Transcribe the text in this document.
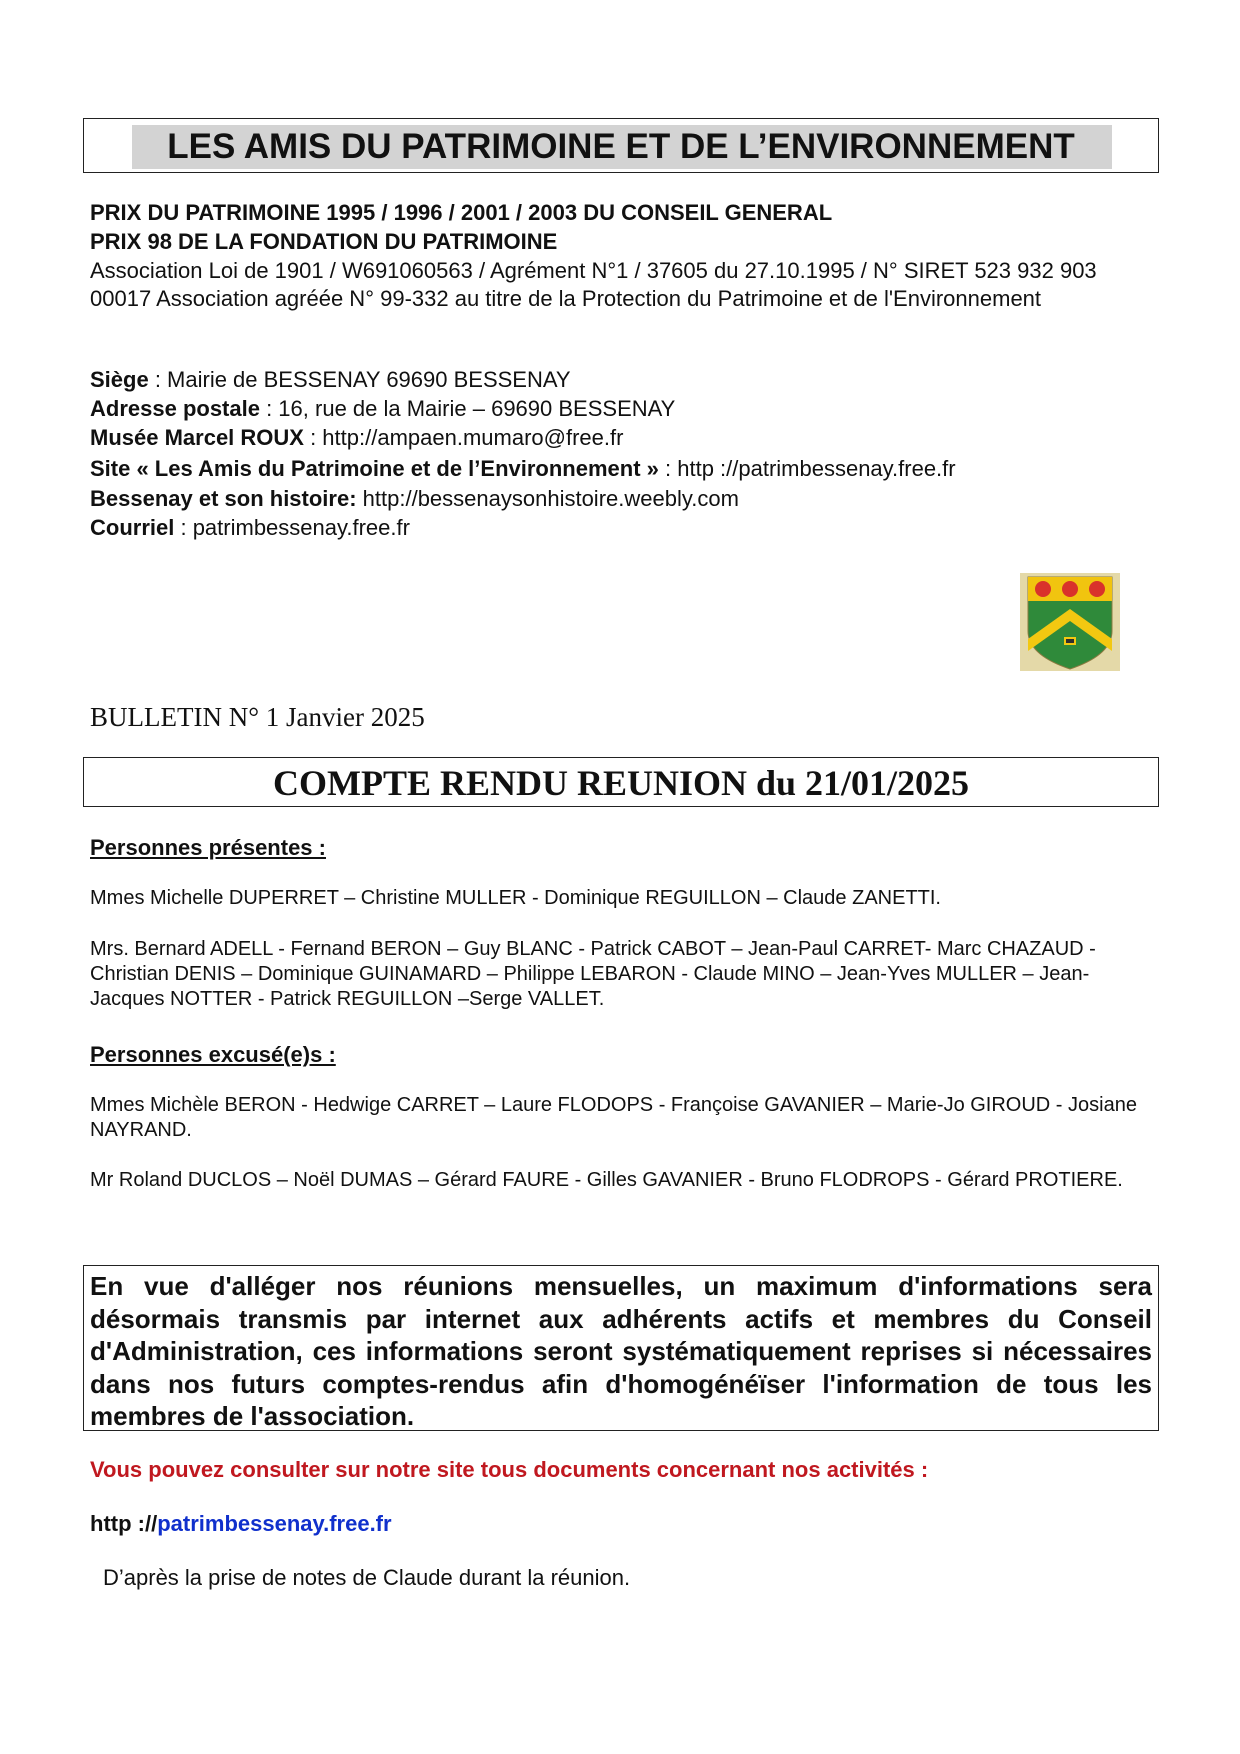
LES AMIS DU PATRIMOINE ET DE L’ENVIRONNEMENT
PRIX DU PATRIMOINE 1995 / 1996 / 2001 / 2003 DU CONSEIL GENERAL
PRIX 98 DE LA FONDATION DU PATRIMOINE
Association Loi de 1901 / W691060563 / Agrément N°1 / 37605 du 27.10.1995 / N° SIRET 523 932 903 00017 Association agréée N° 99-332 au titre de la Protection du Patrimoine et de l'Environnement
Siège : Mairie de BESSENAY 69690 BESSENAY
Adresse postale : 16, rue de la Mairie – 69690 BESSENAY
Musée Marcel ROUX : http://ampaen.mumaro@free.fr
Site « Les Amis du Patrimoine et de l’Environnement » : http ://patrimbessenay.free.fr
Bessenay et son histoire: http://bessenaysonhistoire.weebly.com
Courriel : patrimbessenay.free.fr
BULLETIN N° 1 Janvier 2025
COMPTE RENDU REUNION du 21/01/2025
Personnes présentes :
Mmes Michelle DUPERRET – Christine MULLER - Dominique REGUILLON – Claude ZANETTI.
Mrs. Bernard ADELL - Fernand BERON – Guy BLANC - Patrick CABOT – Jean-Paul CARRET- Marc CHAZAUD - Christian DENIS – Dominique GUINAMARD – Philippe LEBARON - Claude MINO – Jean-Yves MULLER – Jean-Jacques NOTTER - Patrick REGUILLON –Serge VALLET.
Personnes excusé(e)s :
Mmes Michèle BERON - Hedwige CARRET – Laure FLODOPS - Françoise GAVANIER – Marie-Jo GIROUD - Josiane NAYRAND.
Mr Roland DUCLOS – Noël DUMAS – Gérard FAURE - Gilles GAVANIER - Bruno FLODROPS - Gérard PROTIERE.
En vue d'alléger nos réunions mensuelles, un maximum d'informations sera désormais transmis par internet aux adhérents actifs et membres du Conseil d'Administration, ces informations seront systématiquement reprises si nécessaires dans nos futurs comptes-rendus afin d'homogénéïser l'information de tous les membres de l'association.
Vous pouvez consulter sur notre site tous documents concernant nos activités :
http ://patrimbessenay.free.fr
D’après la prise de notes de Claude durant la réunion.
